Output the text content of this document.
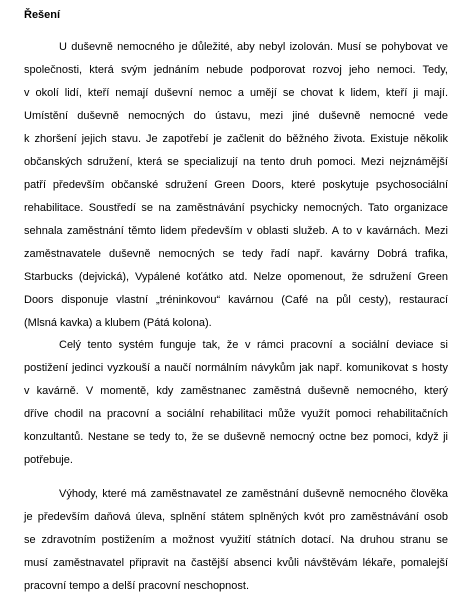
Řešení
U duševně nemocného je důležité, aby nebyl izolován. Musí se pohybovat ve
společnosti, která svým jednáním nebude podporovat rozvoj jeho nemoci. Tedy,
v okolí lidí, kteří nemají duševní nemoc a umějí se chovat k lidem, kteří ji mají.
Umístění duševně nemocných do ústavu, mezi jiné duševně nemocné vede
k zhoršení jejich stavu. Je zapotřebí je začlenit do běžného života. Existuje několik
občanských sdružení, která se specializují na tento druh pomoci. Mezi nejznámější
patří především občanské sdružení Green Doors, které poskytuje psychosociální
rehabilitace. Soustředí se na zaměstnávání psychicky nemocných. Tato organizace
sehnala zaměstnání těmto lidem především v oblasti služeb. A to v kavárnách. Mezi
zaměstnavatele duševně nemocných se tedy řadí např. kavárny Dobrá trafika,
Starbucks (dejvická), Vypálené koťátko atd. Nelze opomenout, že sdružení Green
Doors disponuje vlastní „tréninkovou“ kavárnou (Café na půl cesty), restaurací
(Mlsná kavka) a klubem (Pátá kolona).
Celý tento systém funguje tak, že v rámci pracovní a sociální deviace si
postižení jedinci vyzkouší a naučí normálním návykům jak např. komunikovat s hosty
v kavárně. V momentě, kdy zaměstnanec zaměstná duševně nemocného, který
dříve chodil na pracovní a sociální rehabilitaci může využít pomoci rehabilitačních
konzultantů. Nestane se tedy to, že se duševně nemocný octne bez pomoci, když ji
potřebuje.
Výhody, které má zaměstnavatel ze zaměstnání duševně nemocného člověka
je především daňová úleva, splnění státem splněných kvót pro zaměstnávání osob
se zdravotním postižením a možnost využití státních dotací. Na druhou stranu se
musí zaměstnavatel připravit na častější absenci kvůli návštěvám lékaře, pomalejší
pracovní tempo a delší pracovní neschopnost.
